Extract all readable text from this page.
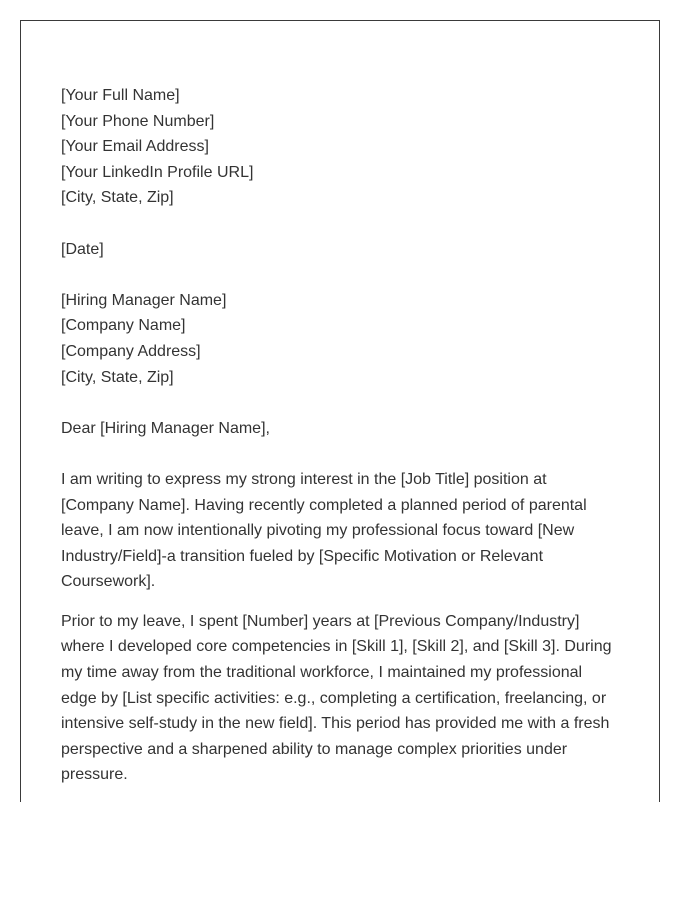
[Your Full Name]
[Your Phone Number]
[Your Email Address]
[Your LinkedIn Profile URL]
[City, State, Zip]
[Date]
[Hiring Manager Name]
[Company Name]
[Company Address]
[City, State, Zip]
Dear [Hiring Manager Name],

I am writing to express my strong interest in the [Job Title] position at [Company Name]. Having recently completed a planned period of parental leave, I am now intentionally pivoting my professional focus toward [New Industry/Field]-a transition fueled by [Specific Motivation or Relevant Coursework].

Prior to my leave, I spent [Number] years at [Previous Company/Industry] where I developed core competencies in [Skill 1], [Skill 2], and [Skill 3]. During my time away from the traditional workforce, I maintained my professional edge by [List specific activities: e.g., completing a certification, freelancing, or intensive self-study in the new field]. This period has provided me with a fresh perspective and a sharpened ability to manage complex priorities under pressure.
